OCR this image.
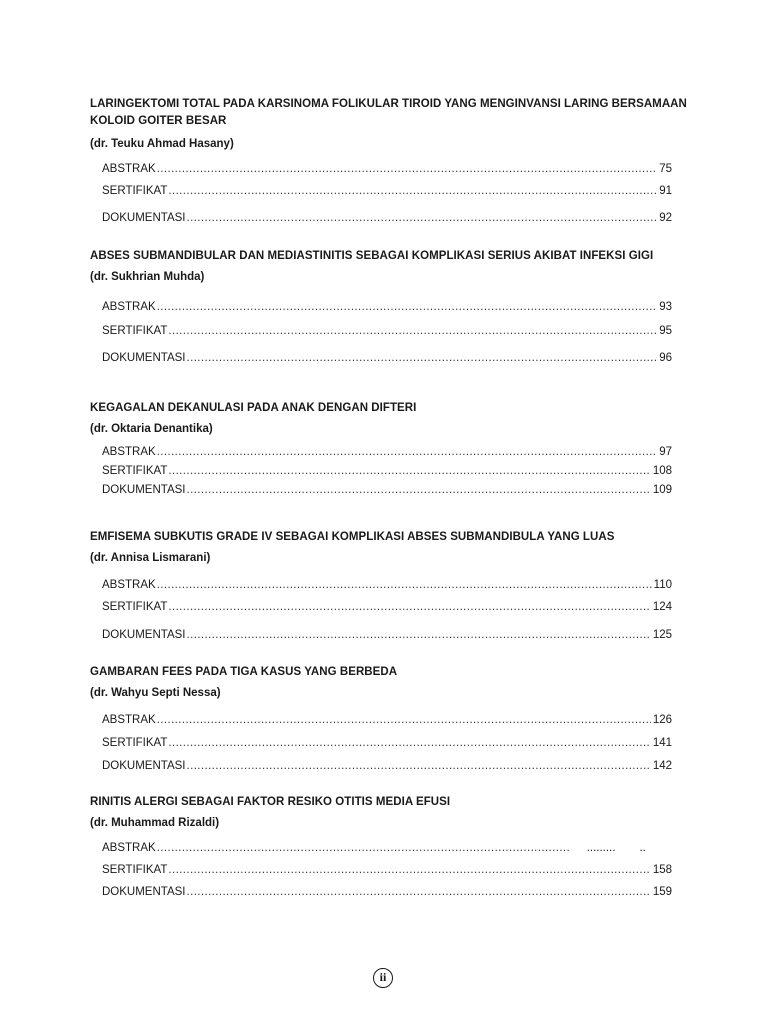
LARINGEKTOMI TOTAL PADA KARSINOMA FOLIKULAR TIROID YANG MENGINVANSI LARING BERSAMAAN KOLOID GOITER BESAR

(dr. Teuku Ahmad Hasany)

ABSTRAK .....	75
SERTIFIKAT .....	91
DOKUMENTASI .....	92

ABSES SUBMANDIBULAR DAN MEDIASTINITIS SEBAGAI KOMPLIKASI SERIUS AKIBAT INFEKSI GIGI

(dr. Sukhrian Muhda)

ABSTRAK .....	93
SERTIFIKAT .....	95
DOKUMENTASI .....	96

KEGAGALAN DEKANULASI PADA ANAK DENGAN DIFTERI

(dr. Oktaria Denantika)

ABSTRAK .....	97
SERTIFIKAT .....	108
DOKUMENTASI .....	109

EMFISEMA SUBKUTIS GRADE IV SEBAGAI KOMPLIKASI ABSES SUBMANDIBULA YANG LUAS

(dr. Annisa Lismarani)

ABSTRAK .....	110
SERTIFIKAT .....	124
DOKUMENTASI .....	125

GAMBARAN FEES PADA TIGA KASUS YANG BERBEDA

(dr. Wahyu Septi Nessa)

ABSTRAK .....	126
SERTIFIKAT .....	141
DOKUMENTASI .....	142

RINITIS ALERGI SEBAGAI FAKTOR RESIKO OTITIS MEDIA EFUSI

(dr. Muhammad Rizaldi)

ABSTRAK .....	......... ..
SERTIFIKAT .....	158
DOKUMENTASI .....	159
ii
